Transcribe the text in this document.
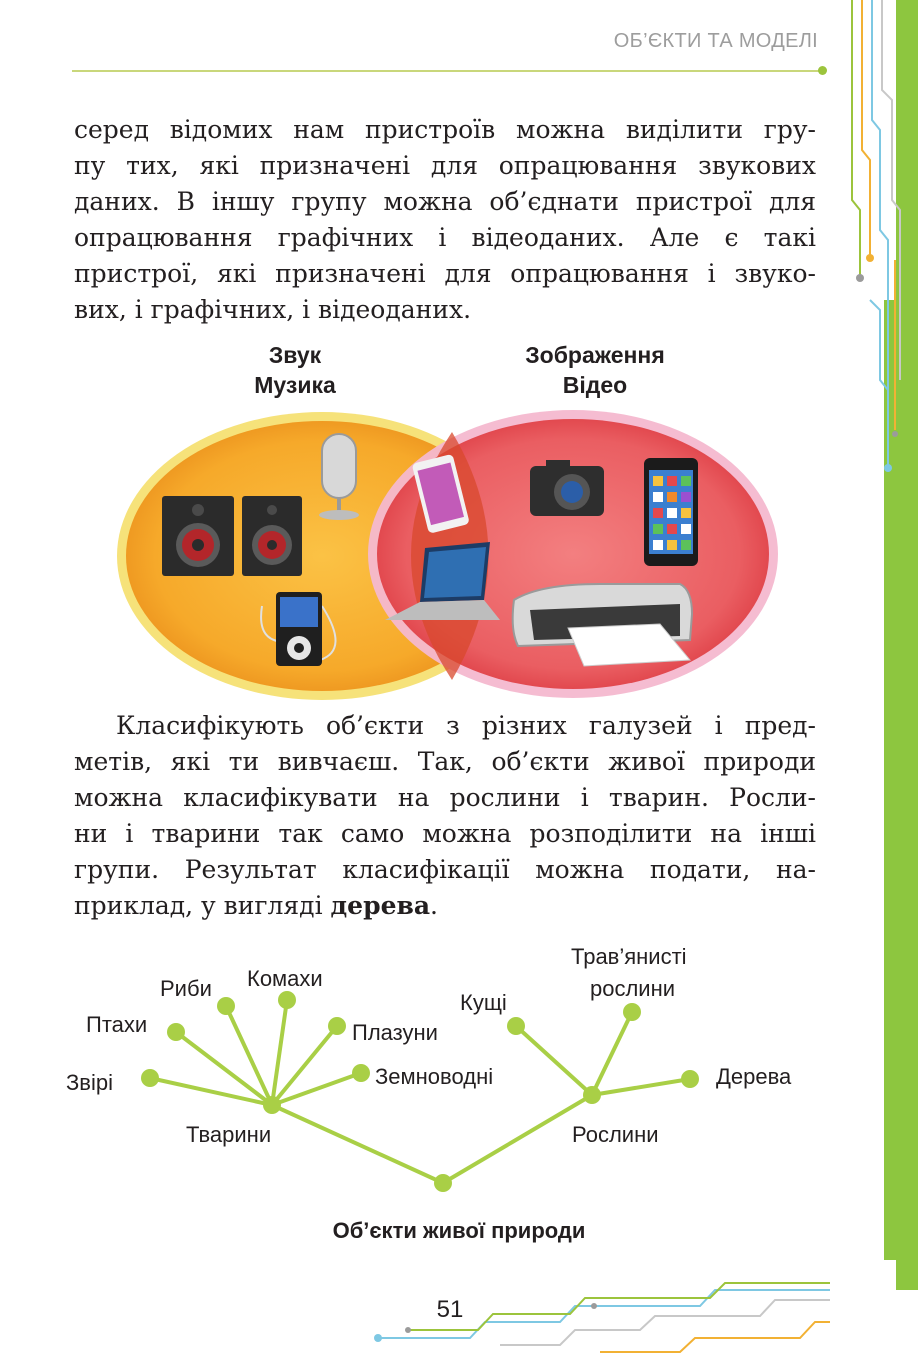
ОБ’ЄКТИ ТА МОДЕЛІ
серед відомих нам пристроїв можна виділити гру-
пу тих, які призначені для опрацювання звукових
даних. В іншу групу можна об’єднати пристрої для
опрацювання графічних і відеоданих. Але є такі
пристрої, які призначені для опрацювання і звуко-
вих, і графічних, і відеоданих.
Звук
Музика
Зображення
Відео
Класифікують об’єкти з різних галузей і пред-
метів, які ти вивчаєш. Так, об’єкти живої природи
можна класифікувати на рослини і тварин. Росли-
ни і тварини так само можна розподілити на інші
групи. Результат класифікації можна подати, на-
приклад, у вигляді дерева.
Тварини	Рослини
Звірі
Птахи
Риби Комахи
Плазуни
Земноводні
Кущі
Трав’янисті
рослини
Дерева
Об’єкти живої природи
51
